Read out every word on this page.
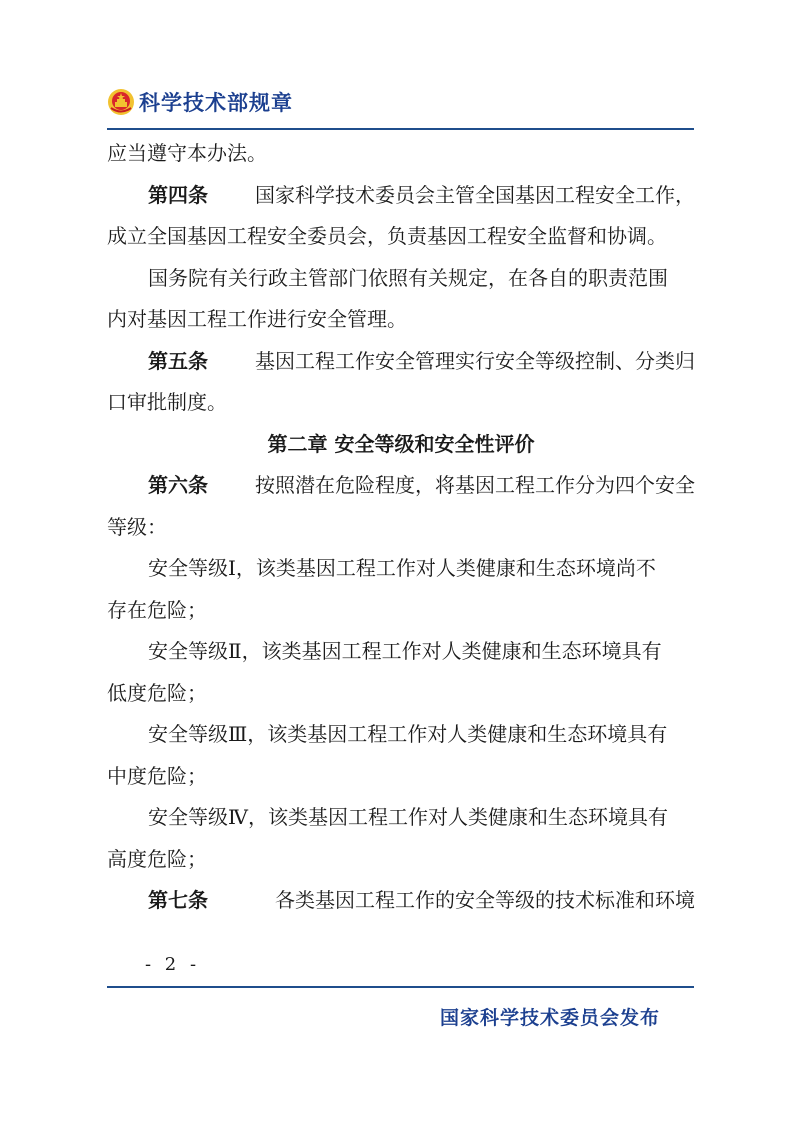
科学技术部规章
应当遵守本办法。
第四条 国家科学技术委员会主管全国基因工程安全工作，
成立全国基因工程安全委员会，负责基因工程安全监督和协调。
国务院有关行政主管部门依照有关规定，在各自的职责范围
内对基因工程工作进行安全管理。
第五条 基因工程工作安全管理实行安全等级控制、分类归
口审批制度。
第二章 安全等级和安全性评价
第六条 按照潜在危险程度，将基因工程工作分为四个安全
等级：
安全等级Ⅰ，该类基因工程工作对人类健康和生态环境尚不
存在危险；
安全等级Ⅱ，该类基因工程工作对人类健康和生态环境具有
低度危险；
安全等级Ⅲ，该类基因工程工作对人类健康和生态环境具有
中度危险；
安全等级Ⅳ，该类基因工程工作对人类健康和生态环境具有
高度危险；
第七条	各类基因工程工作的安全等级的技术标准和环境
- 2 -
国家科学技术委员会发布
